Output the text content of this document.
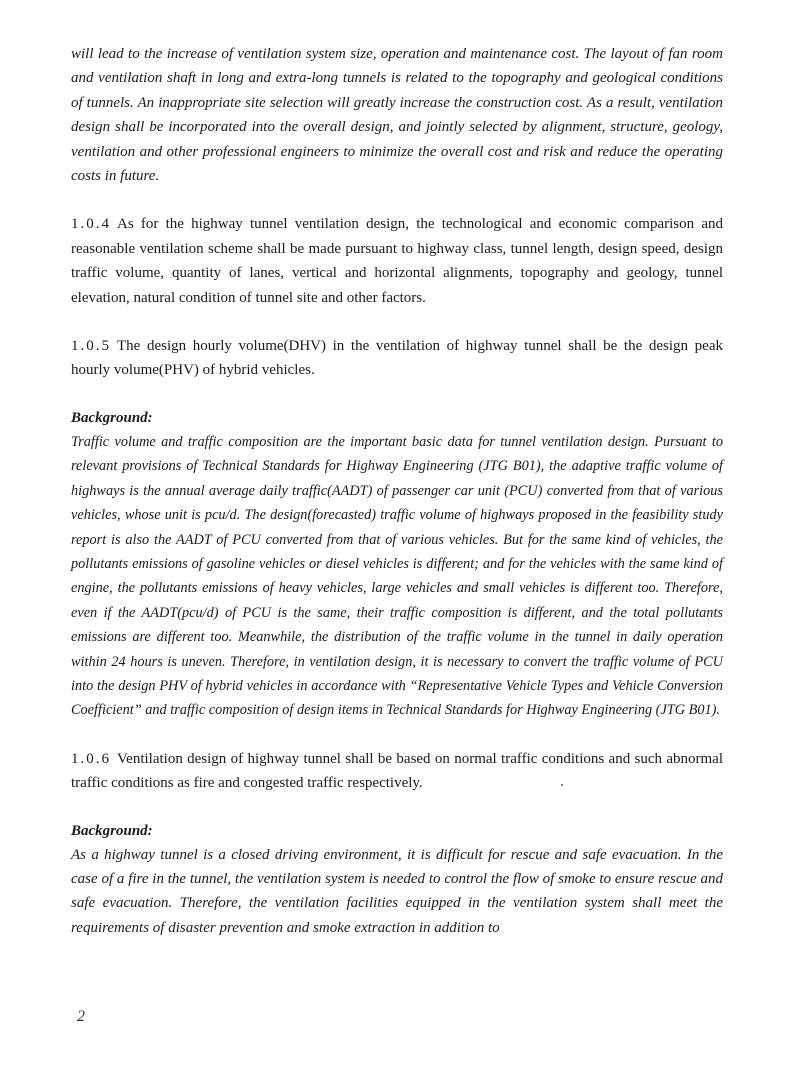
will lead to the increase of ventilation system size, operation and maintenance cost. The layout of fan room and ventilation shaft in long and extra-long tunnels is related to the topography and geological conditions of tunnels. An inappropriate site selection will greatly increase the construction cost. As a result, ventilation design shall be incorporated into the overall design, and jointly selected by alignment, structure, geology, ventilation and other professional engineers to minimize the overall cost and risk and reduce the operating costs in future.

1.0.4 As for the highway tunnel ventilation design, the technological and economic comparison and reasonable ventilation scheme shall be made pursuant to highway class, tunnel length, design speed, design traffic volume, quantity of lanes, vertical and horizontal alignments, topography and geology, tunnel elevation, natural condition of tunnel site and other factors.

1.0.5 The design hourly volume(DHV) in the ventilation of highway tunnel shall be the design peak hourly volume(PHV) of hybrid vehicles.

Background:

Traffic volume and traffic composition are the important basic data for tunnel ventilation design. Pursuant to relevant provisions of Technical Standards for Highway Engineering (JTG B01), the adaptive traffic volume of highways is the annual average daily traffic(AADT) of passenger car unit (PCU) converted from that of various vehicles, whose unit is pcu/d. The design(forecasted) traffic volume of highways proposed in the feasibility study report is also the AADT of PCU converted from that of various vehicles. But for the same kind of vehicles, the pollutants emissions of gasoline vehicles or diesel vehicles is different; and for the vehicles with the same kind of engine, the pollutants emissions of heavy vehicles, large vehicles and small vehicles is different too. Therefore, even if the AADT(pcu/d) of PCU is the same, their traffic composition is different, and the total pollutants emissions are different too. Meanwhile, the distribution of the traffic volume in the tunnel in daily operation within 24 hours is uneven. Therefore, in ventilation design, it is necessary to convert the traffic volume of PCU into the design PHV of hybrid vehicles in accordance with “Representative Vehicle Types and Vehicle Conversion Coefficient” and traffic composition of design items in Technical Standards for Highway Engineering (JTG B01).

1.0.6 Ventilation design of highway tunnel shall be based on normal traffic conditions and such abnormal traffic conditions as fire and congested traffic respectively.

Background:

As a highway tunnel is a closed driving environment, it is difficult for rescue and safe evacuation. In the case of a fire in the tunnel, the ventilation system is needed to control the flow of smoke to ensure rescue and safe evacuation. Therefore, the ventilation facilities equipped in the ventilation system shall meet the requirements of disaster prevention and smoke extraction in addition to

2
